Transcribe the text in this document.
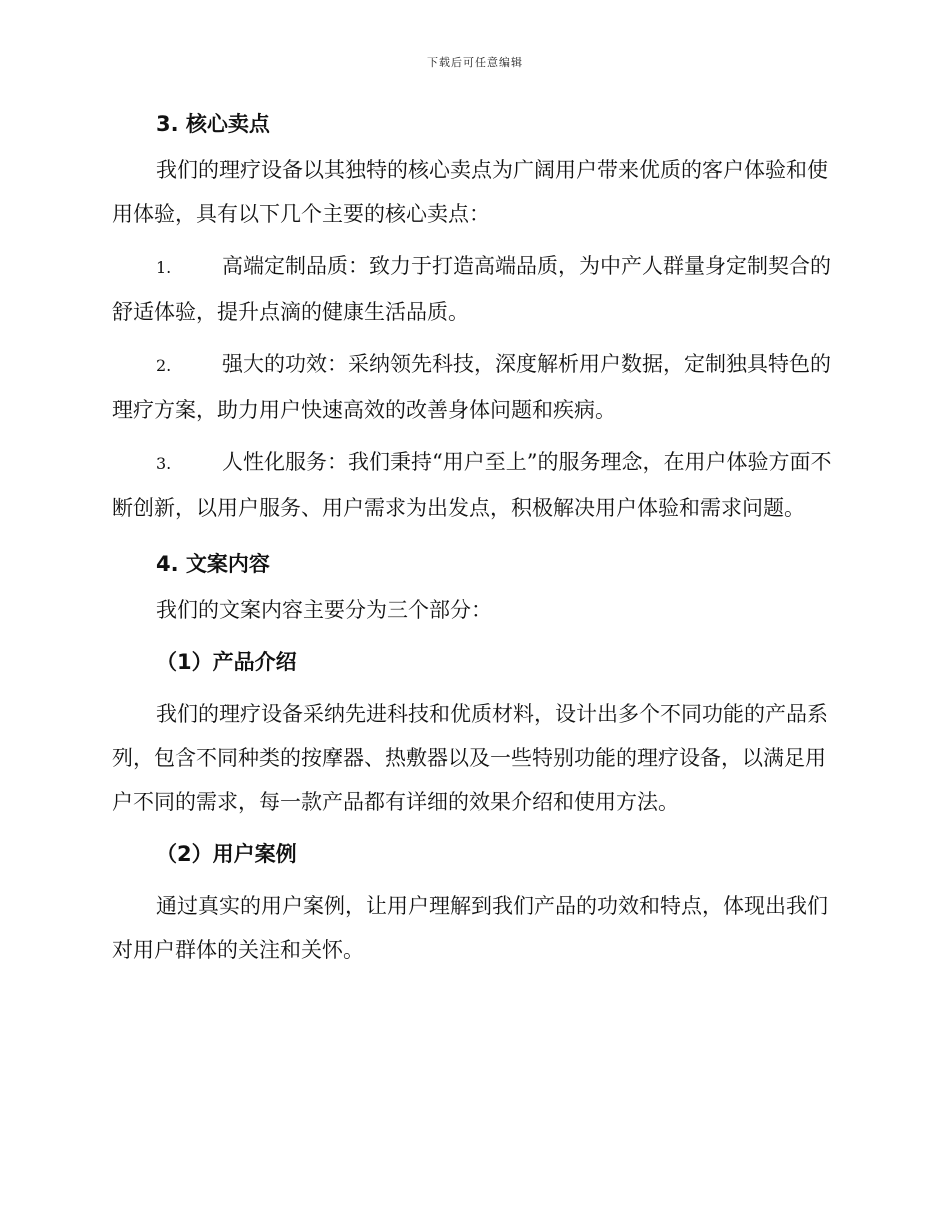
下载后可任意编辑
3. 核心卖点

我们的理疗设备以其独特的核心卖点为广阔用户带来优质的客户体验和使用体验，具有以下几个主要的核心卖点：

1. 高端定制品质：致力于打造高端品质，为中产人群量身定制契合的舒适体验，提升点滴的健康生活品质。

2. 强大的功效：采纳领先科技，深度解析用户数据，定制独具特色的理疗方案，助力用户快速高效的改善身体问题和疾病。

3. 人性化服务：我们秉持“用户至上”的服务理念，在用户体验方面不断创新，以用户服务、用户需求为出发点，积极解决用户体验和需求问题。

4. 文案内容

我们的文案内容主要分为三个部分：

（1）产品介绍

我们的理疗设备采纳先进科技和优质材料，设计出多个不同功能的产品系列，包含不同种类的按摩器、热敷器以及一些特别功能的理疗设备，以满足用户不同的需求，每一款产品都有详细的效果介绍和使用方法。

（2）用户案例

通过真实的用户案例，让用户理解到我们产品的功效和特点，体现出我们对用户群体的关注和关怀。
